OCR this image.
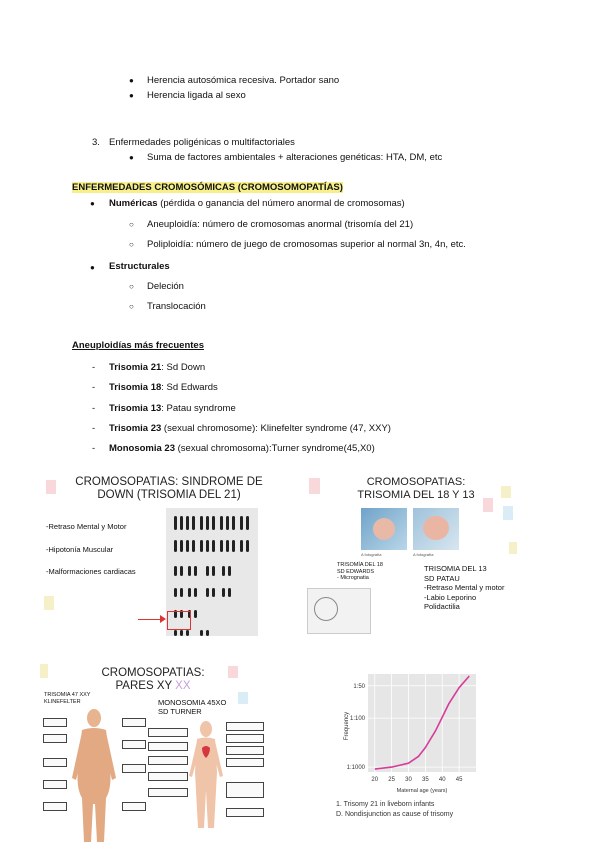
● Herencia autosómica recesiva. Portador sano
● Herencia ligada al sexo
3. Enfermedades poligénicas o multifactoriales
● Suma de factores ambientales + alteraciones genéticas: HTA, DM, etc
ENFERMEDADES CROMOSÓMICAS (CROMOSOMOPATÍAS)
● Numéricas (pérdida o ganancia del número anormal de cromosomas)
○ Aneuploidía: número de cromosomas anormal (trisomía del 21)
○ Poliploidía: número de juego de cromosomas superior al normal 3n, 4n, etc.
● Estructurales
○ Deleción
○ Translocación
Aneuploidías más frecuentes
- Trisomia 21: Sd Down
- Trisomia 18: Sd Edwards
- Trisomia 13: Patau syndrome
- Trisomia 23 (sexual chromosome): Klinefelter syndrome (47, XXY)
- Monosomia 23 (sexual chromosoma):Turner syndrome(45,X0)
CROMOSOPATIAS: SINDROME DE
DOWN (TRISOMIA DEL 21)
-Retraso Mental y Motor
-Hipotonía Muscular
-Malformaciones cardiacas
CROMOSOPATIAS:
TRISOMIA DEL 18 Y 13
A fotografía	A fotografía
TRISOMÍA DEL 18
SD EDWARDS
- Micrognatia
TRISOMIA DEL 13
SD PATAU
-Retraso Mental y motor
-Labio Leporino
Polidactilia
CROMOSOPATIAS:
PARES XY XX
TRISOMIA 47 XXY
KLINEFELTER	MONOSOMIA 45XO
SD TURNER
20 25 30 35 40 45
1:50
1:100
1:1000
Frequency
Maternal age (years)
1. Trisomy 21 in liveborn infants
D. Nondisjunction as cause of trisomy
